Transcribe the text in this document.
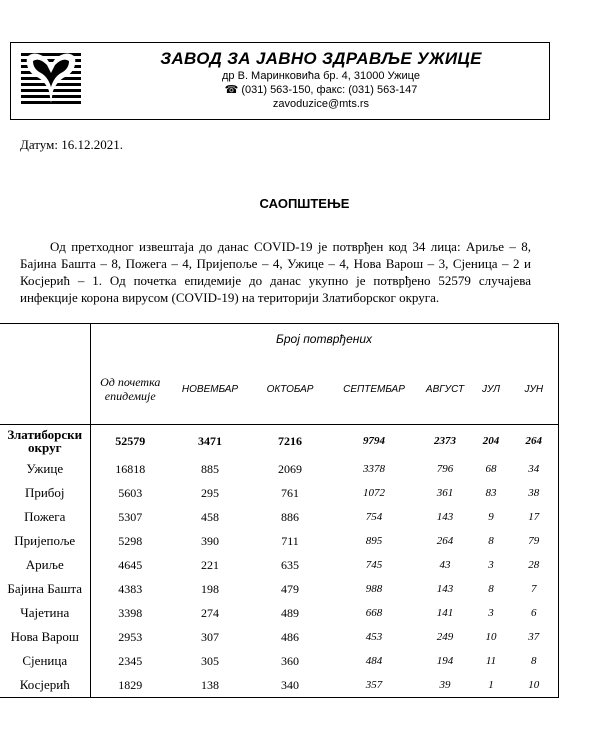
ЗАВОД ЗА ЈАВНО ЗДРАВЉЕ УЖИЦЕ
др В. Маринковића бр. 4, 31000 Ужице
☎ (031) 563-150, факс: (031) 563-147
zavoduzice@mts.rs
Датум: 16.12.2021.
САОПШТЕЊЕ
Од претходног извештаја до данас COVID-19 је потврђен код 34 лица: Ариље – 8, Бајина Башта – 8, Пожега – 4, Пријепоље – 4, Ужице – 4, Нова Варош – 3, Сјеница – 2 и Косјерић – 1. Од почетка епидемије до данас укупно је потврђено 52579 случајева инфекције корона вирусом (COVID-19) на територији Златиборског округа.
	Број потврђених						
	Од почетка епидемије	НОВЕМБАР	ОКТОБАР	СЕПТЕМБАР	АВГУСТ	ЈУЛ	ЈУН
Златиборски округ	52579	3471	7216	9794	2373	204	264
Ужице	16818	885	2069	3378	796	68	34
Прибој	5603	295	761	1072	361	83	38
Пожега	5307	458	886	754	143	9	17
Пријепоље	5298	390	711	895	264	8	79
Ариље	4645	221	635	745	43	3	28
Бајина Башта	4383	198	479	988	143	8	7
Чајетина	3398	274	489	668	141	3	6
Нова Варош	2953	307	486	453	249	10	37
Сјеница	2345	305	360	484	194	11	8
Косјерић	1829	138	340	357	39	1	10
